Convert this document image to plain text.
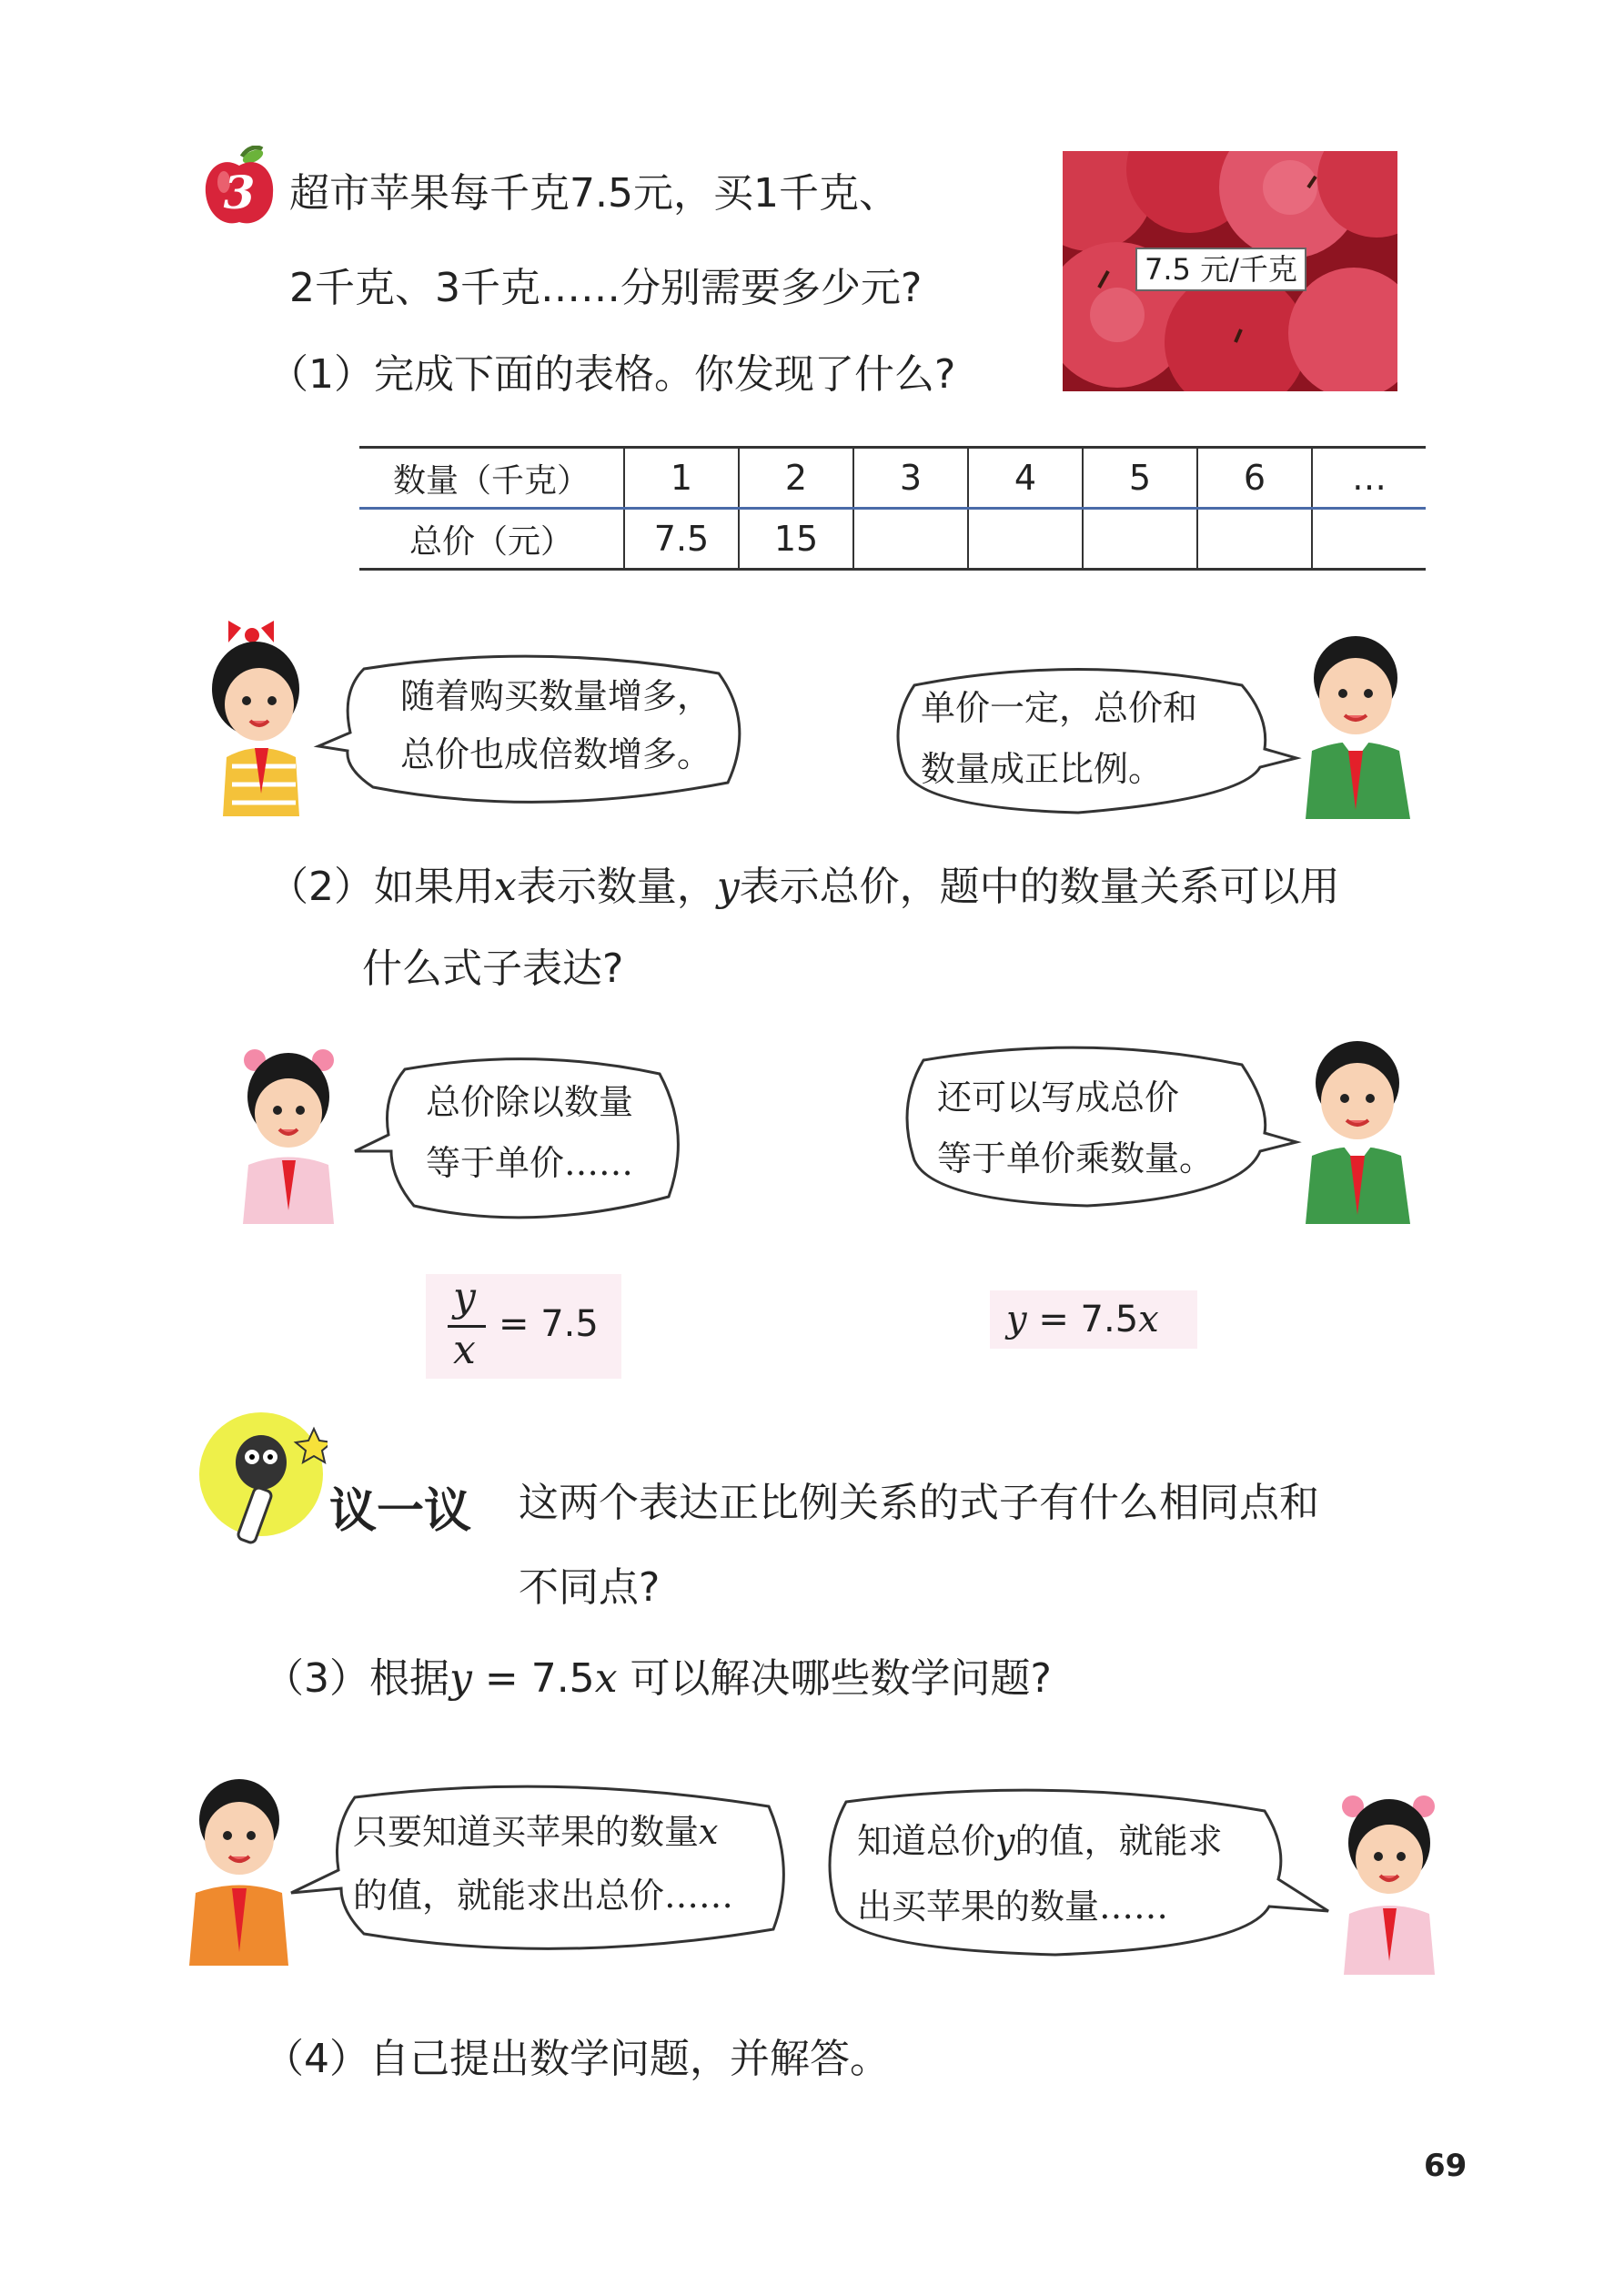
3 超市苹果每千克7.5元，买1千克、
2千克、3千克……分别需要多少元?
（1）完成下面的表格。你发现了什么?
7.5 元/千克
数量（千克）	1	2	3	4	5	6	…
总价（元）	7.5	15					
随着购买数量增多，
总价也成倍数增多。
单价一定，总价和
数量成正比例。
（2）如果用x表示数量，y表示总价，题中的数量关系可以用
什么式子表达?
总价除以数量
等于单价……
还可以写成总价
等于单价乘数量。
y
x
= 7.5	y = 7.5x
议一议 这两个表达正比例关系的式子有什么相同点和
不同点?
（3）根据y = 7.5x 可以解决哪些数学问题?
只要知道买苹果的数量x
的值，就能求出总价……
知道总价y的值，就能求
出买苹果的数量……
（4）自己提出数学问题，并解答。
69
